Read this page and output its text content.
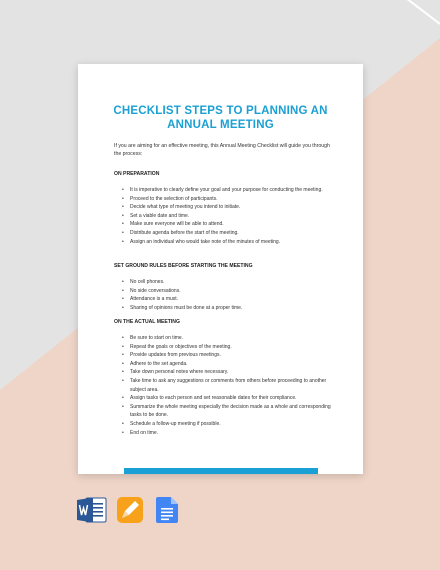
CHECKLIST STEPS TO PLANNING AN
ANNUAL MEETING

If you are aiming for an effective meeting, this Annual Meeting Checklist will guide you through the process:

ON PREPARATION
• It is imperative to clearly define your goal and your purpose for conducting the meeting.
• Proceed to the selection of participants.
• Decide what type of meeting you intend to initiate.
• Set a viable date and time.
• Make sure everyone will be able to attend.
• Distribute agenda before the start of the meeting.
• Assign an individual who would take note of the minutes of meeting.
SET GROUND RULES BEFORE STARTING THE MEETING
• No cell phones.
• No side conversations.
• Attendance is a must.
• Sharing of opinions must be done at a proper time.
ON THE ACTUAL MEETING
• Be sure to start on time.
• Repeat the goals or objectives of the meeting.
• Provide updates from previous meetings.
• Adhere to the set agenda.
• Take down personal notes where necessary.
• Take time to ask any suggestions or comments from others before proceeding to another subject area.
• Assign tasks to each person and set reasonable dates for their compliance.
• Summarize the whole meeting especially the decision made as a whole and corresponding tasks to be done.
• Schedule a follow-up meeting if possible.
• End on time.
